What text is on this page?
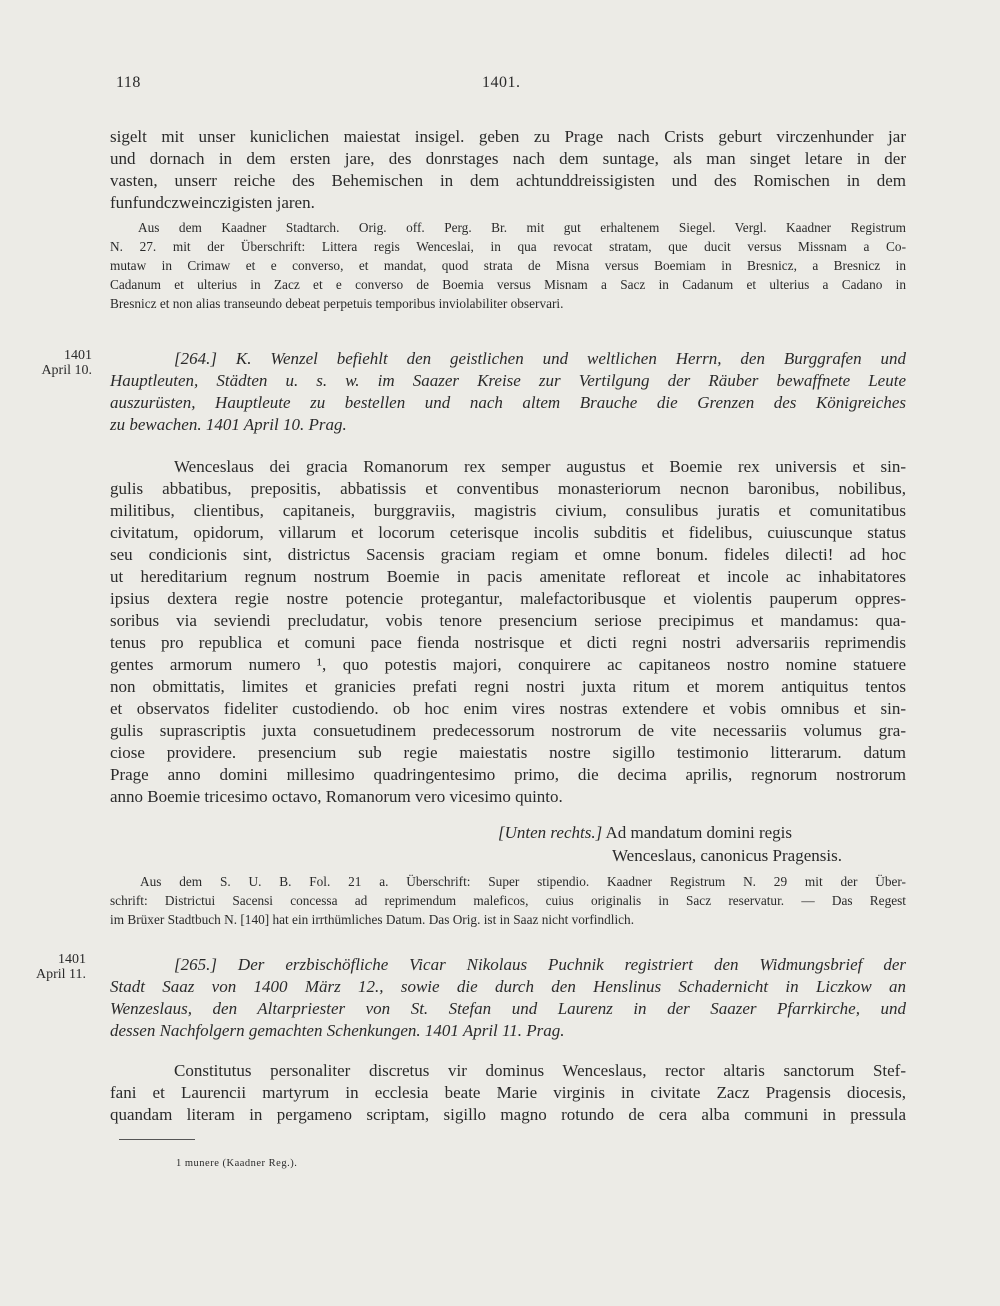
118	1401.
sigelt mit unser kuniclichen maiestat insigel. geben zu Prage nach Crists geburt virczenhunder jar
und dornach in dem ersten jare, des donrstages nach dem suntage, als man singet letare in der
vasten, unserr reiche des Behemischen in dem achtunddreissigisten und des Romischen in dem
funfundczweinczigisten jaren.
Aus dem Kaadner Stadtarch. Orig. off. Perg. Br. mit gut erhaltenem Siegel. Vergl. Kaadner Registrum
N. 27. mit der Überschrift: Littera regis Wenceslai, in qua revocat stratam, que ducit versus Missnam a Co-
mutaw in Crimaw et e converso, et mandat, quod strata de Misna versus Boemiam in Bresnicz, a Bresnicz in
Cadanum et ulterius in Zacz et e converso de Boemia versus Misnam a Sacz in Cadanum et ulterius a Cadano in
Bresnicz et non alias transeundo debeat perpetuis temporibus inviolabiliter observari.
1401
April 10.
[264.] K. Wenzel befiehlt den geistlichen und weltlichen Herrn, den Burggrafen und
Hauptleuten, Städten u. s. w. im Saazer Kreise zur Vertilgung der Räuber bewaffnete Leute
auszurüsten, Hauptleute zu bestellen und nach altem Brauche die Grenzen des Königreiches
zu bewachen. 1401 April 10. Prag.
Wenceslaus dei gracia Romanorum rex semper augustus et Boemie rex universis et sin-
gulis abbatibus, prepositis, abbatissis et conventibus monasteriorum necnon baronibus, nobilibus,
militibus, clientibus, capitaneis, burggraviis, magistris civium, consulibus juratis et comunitatibus
civitatum, opidorum, villarum et locorum ceterisque incolis subditis et fidelibus, cuiuscunque status
seu condicionis sint, districtus Sacensis graciam regiam et omne bonum. fideles dilecti! ad hoc
ut hereditarium regnum nostrum Boemie in pacis amenitate refloreat et incole ac inhabitatores
ipsius dextera regie nostre potencie protegantur, malefactoribusque et violentis pauperum oppres-
soribus via seviendi precludatur, vobis tenore presencium seriose precipimus et mandamus: qua-
tenus pro republica et comuni pace fienda nostrisque et dicti regni nostri adversariis reprimendis
gentes armorum numero ¹, quo potestis majori, conquirere ac capitaneos nostro nomine statuere
non obmittatis, limites et granicies prefati regni nostri juxta ritum et morem antiquitus tentos
et observatos fideliter custodiendo. ob hoc enim vires nostras extendere et vobis omnibus et sin-
gulis suprascriptis juxta consuetudinem predecessorum nostrorum de vite necessariis volumus gra-
ciose providere. presencium sub regie maiestatis nostre sigillo testimonio litterarum. datum
Prage anno domini millesimo quadringentesimo primo, die decima aprilis, regnorum nostrorum
anno Boemie tricesimo octavo, Romanorum vero vicesimo quinto.
[Unten rechts.] Ad mandatum domini regis
Wenceslaus, canonicus Pragensis.
Aus dem S. U. B. Fol. 21 a. Überschrift: Super stipendio. Kaadner Registrum N. 29 mit der Über-
schrift: Districtui Sacensi concessa ad reprimendum maleficos, cuius originalis in Sacz reservatur. — Das Regest
im Brüxer Stadtbuch N. [140] hat ein irrthümliches Datum. Das Orig. ist in Saaz nicht vorfindlich.
1401
April 11.
[265.] Der erzbischöfliche Vicar Nikolaus Puchnik registriert den Widmungsbrief der
Stadt Saaz von 1400 März 12., sowie die durch den Henslinus Schadernicht in Liczkow an
Wenzeslaus, den Altarpriester von St. Stefan und Laurenz in der Saazer Pfarrkirche, und
dessen Nachfolgern gemachten Schenkungen. 1401 April 11. Prag.
Constitutus personaliter discretus vir dominus Wenceslaus, rector altaris sanctorum Stef-
fani et Laurencii martyrum in ecclesia beate Marie virginis in civitate Zacz Pragensis diocesis,
quandam literam in pergameno scriptam, sigillo magno rotundo de cera alba communi in pressula
1 munere (Kaadner Reg.).
